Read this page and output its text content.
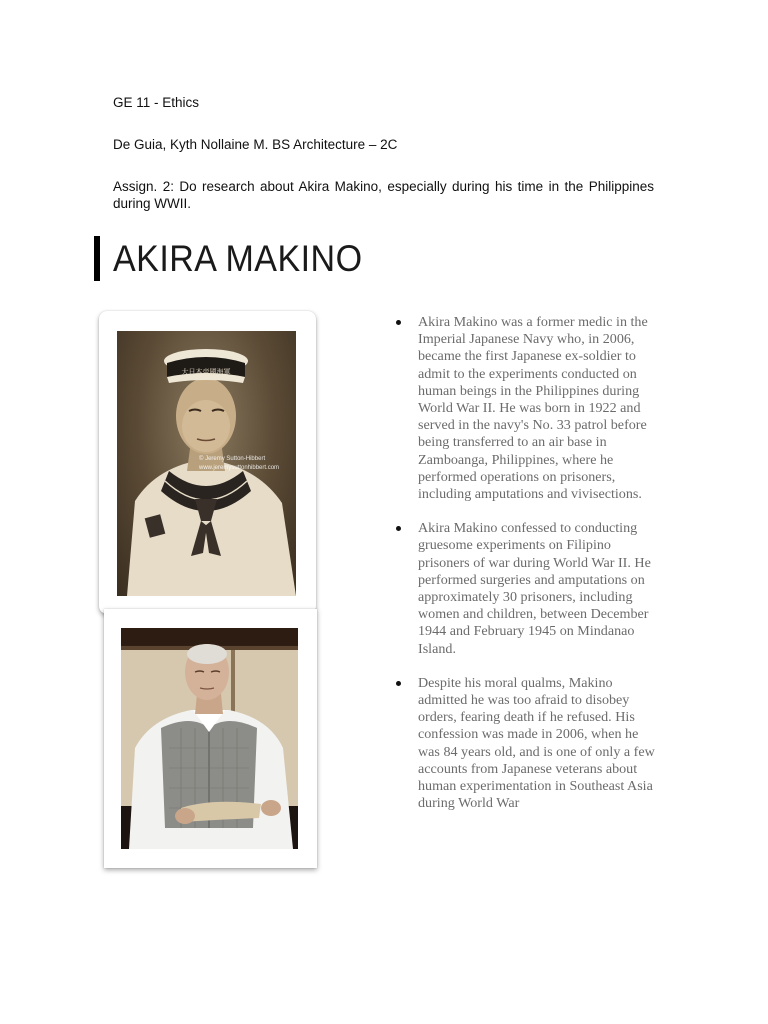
GE 11 - Ethics

De Guia, Kyth Nollaine M. BS Architecture – 2C

Assign. 2: Do research about Akira Makino, especially during his time in the Philippines during WWII.

AKIRA MAKINO
大日本帝國海軍
© Jeremy Sutton-Hibbert
www.jeremysuttonhibbert.com
Akira Makino was a former medic in the Imperial Japanese Navy who, in 2006, became the first Japanese ex-soldier to admit to the experiments conducted on human beings in the Philippines during World War II. He was born in 1922 and served in the navy's No. 33 patrol before being transferred to an air base in Zamboanga, Philippines, where he performed operations on prisoners, including amputations and vivisections.
Akira Makino confessed to conducting gruesome experiments on Filipino prisoners of war during World War II. He performed surgeries and amputations on approximately 30 prisoners, including women and children, between December 1944 and February 1945 on Mindanao Island.
Despite his moral qualms, Makino admitted he was too afraid to disobey orders, fearing death if he refused. His confession was made in 2006, when he was 84 years old, and is one of only a few accounts from Japanese veterans about human experimentation in Southeast Asia during World War
